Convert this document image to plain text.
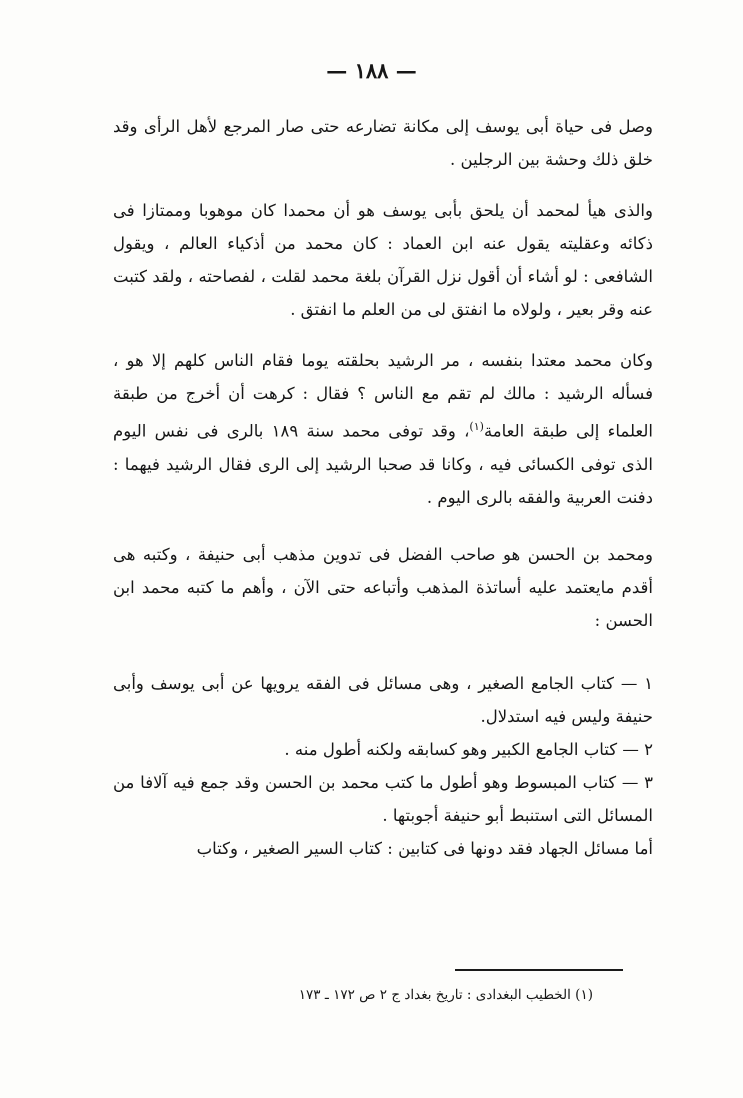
— ١٨٨ —

وصل فى حياة أبى يوسف إلى مكانة تضارعه حتى صار المرجع لأهل الرأى وقد خلق ذلك وحشة بين الرجلين .

والذى هيأ لمحمد أن يلحق بأبى يوسف هو أن محمدا كان موهوبا وممتازا فى ذكائه وعقليته يقول عنه ابن العماد : كان محمد من أذكياء العالم ، ويقول الشافعى : لو أشاء أن أقول نزل القرآن بلغة محمد لقلت ، لفصاحته ، ولقد كتبت عنه وقر بعير ، ولولاه ما انفتق لى من العلم ما انفتق .

وكان محمد معتدا بنفسه ، مر الرشيد بحلقته يوما فقام الناس كلهم إلا هو ، فسأله الرشيد : مالك لم تقم مع الناس ؟ فقال : كرهت أن أخرج من طبقة العلماء إلى طبقة العامة$^{(١)}$، وقد توفى محمد سنة ١٨٩ بالرى فى نفس اليوم الذى توفى الكسائى فيه ، وكانا قد صحبا الرشيد إلى الرى فقال الرشيد فيهما : دفنت العربية والفقه بالرى اليوم .

ومحمد بن الحسن هو صاحب الفضل فى تدوين مذهب أبى حنيفة ، وكتبه هى أقدم مايعتمد عليه أساتذة المذهب وأتباعه حتى الآن ، وأهم ما كتبه محمد ابن الحسن :

١ — كتاب الجامع الصغير ، وهى مسائل فى الفقه يرويها عن أبى يوسف وأبى حنيفة وليس فيه استدلال.

٢ — كتاب الجامع الكبير وهو كسابقه ولكنه أطول منه .

٣ — كتاب المبسوط وهو أطول ما كتب محمد بن الحسن وقد جمع فيه آلافا من المسائل التى استنبط أبو حنيفة أجوبتها .

أما مسائل الجهاد فقد دونها فى كتابين : كتاب السير الصغير ، وكتاب

(١) الخطيب البغدادى : تاريخ بغداد ج ٢ ص ١٧٢ ـ ١٧٣
